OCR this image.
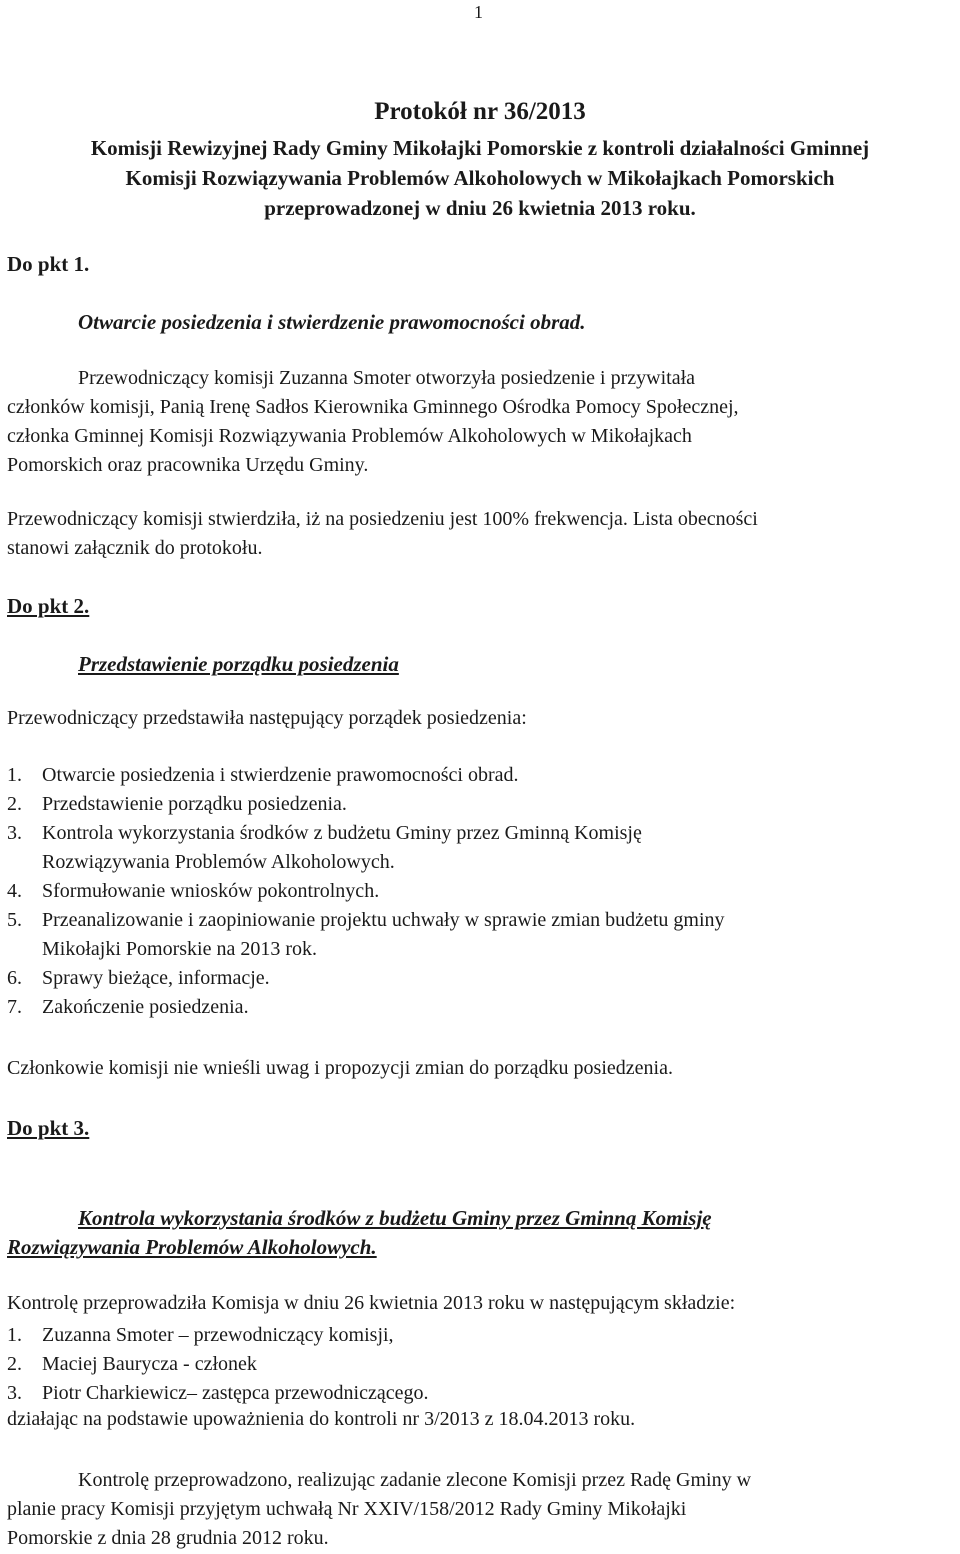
1
Protokół nr 36/2013
Komisji Rewizyjnej Rady Gminy Mikołajki Pomorskie z kontroli działalności Gminnej
Komisji Rozwiązywania Problemów Alkoholowych w Mikołajkach Pomorskich
przeprowadzonej w dniu 26 kwietnia 2013 roku.
Do pkt 1.
Otwarcie posiedzenia i stwierdzenie prawomocności obrad.
Przewodniczący komisji Zuzanna Smoter otworzyła posiedzenie i przywitała
członków komisji, Panią Irenę Sadłos Kierownika Gminnego Ośrodka Pomocy Społecznej,
członka Gminnej Komisji Rozwiązywania Problemów Alkoholowych w Mikołajkach
Pomorskich oraz pracownika Urzędu Gminy.
Przewodniczący komisji stwierdziła, iż na posiedzeniu jest 100% frekwencja. Lista obecności
stanowi załącznik do protokołu.
Do pkt 2.
Przedstawienie porządku posiedzenia
Przewodniczący przedstawiła następujący porządek posiedzenia:
1. Otwarcie posiedzenia i stwierdzenie prawomocności obrad.
2. Przedstawienie porządku posiedzenia.
3. Kontrola wykorzystania środków z budżetu Gminy przez Gminną Komisję
Rozwiązywania Problemów Alkoholowych.
4. Sformułowanie wniosków pokontrolnych.
5. Przeanalizowanie i zaopiniowanie projektu uchwały w sprawie zmian budżetu gminy
Mikołajki Pomorskie na 2013 rok.
6. Sprawy bieżące, informacje.
7. Zakończenie posiedzenia.
Członkowie komisji nie wnieśli uwag i propozycji zmian do porządku posiedzenia.
Do pkt 3.
Kontrola wykorzystania środków z budżetu Gminy przez Gminną Komisję
Rozwiązywania Problemów Alkoholowych.
Kontrolę przeprowadziła Komisja w dniu 26 kwietnia 2013 roku w następującym składzie:
1. Zuzanna Smoter – przewodniczący komisji,
2. Maciej Baurycza - członek
3. Piotr Charkiewicz– zastępca przewodniczącego.
działając na podstawie upoważnienia do kontroli nr 3/2013 z 18.04.2013 roku.
Kontrolę przeprowadzono, realizując zadanie zlecone Komisji przez Radę Gminy w
planie pracy Komisji przyjętym uchwałą Nr XXIV/158/2012 Rady Gminy Mikołajki
Pomorskie z dnia 28 grudnia 2012 roku.
